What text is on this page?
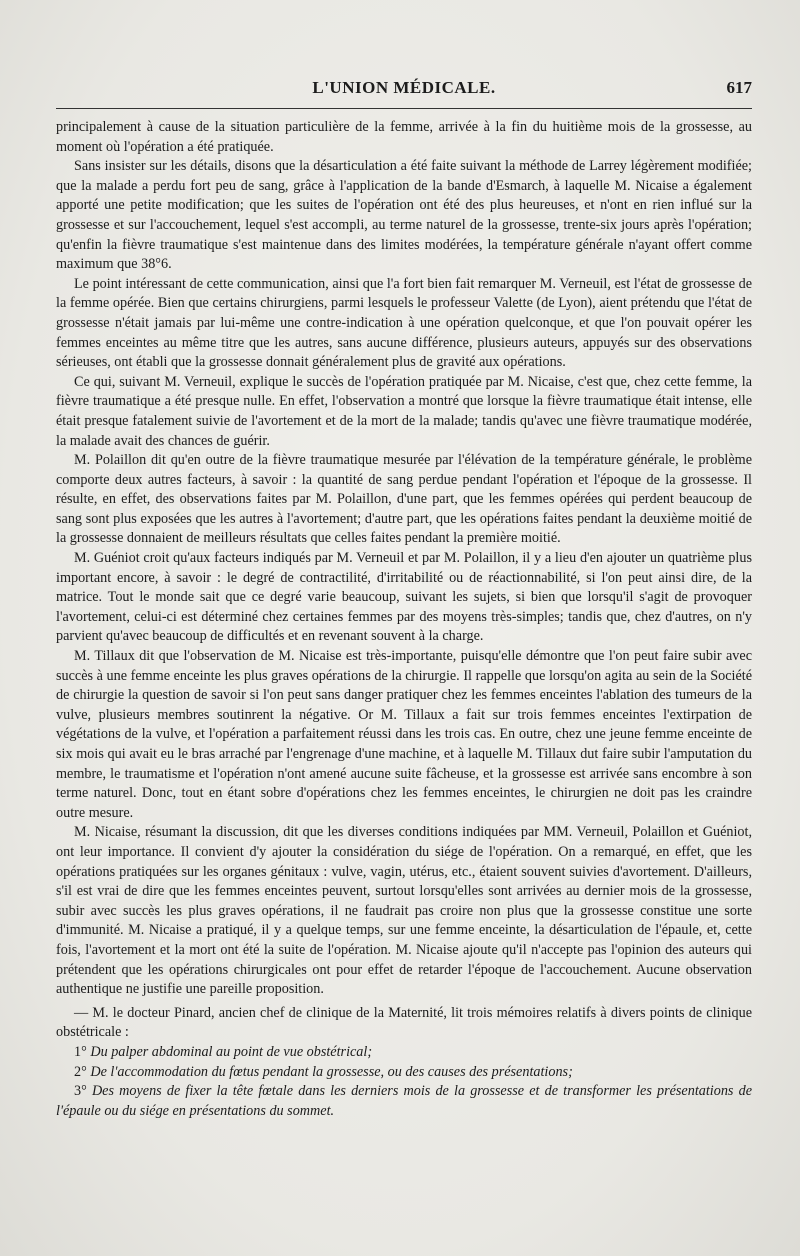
L'UNION MÉDICALE.	617

principalement à cause de la situation particulière de la femme, arrivée à la fin du huitième mois de la grossesse, au moment où l'opération a été pratiquée.

Sans insister sur les détails, disons que la désarticulation a été faite suivant la méthode de Larrey légèrement modifiée; que la malade a perdu fort peu de sang, grâce à l'application de la bande d'Esmarch, à laquelle M. Nicaise a également apporté une petite modification; que les suites de l'opération ont été des plus heureuses, et n'ont en rien influé sur la grossesse et sur l'accouchement, lequel s'est accompli, au terme naturel de la grossesse, trente-six jours après l'opération; qu'enfin la fièvre traumatique s'est maintenue dans des limites modérées, la température générale n'ayant offert comme maximum que 38°6.

Le point intéressant de cette communication, ainsi que l'a fort bien fait remarquer M. Verneuil, est l'état de grossesse de la femme opérée. Bien que certains chirurgiens, parmi lesquels le professeur Valette (de Lyon), aient prétendu que l'état de grossesse n'était jamais par lui-même une contre-indication à une opération quelconque, et que l'on pouvait opérer les femmes enceintes au même titre que les autres, sans aucune différence, plusieurs auteurs, appuyés sur des observations sérieuses, ont établi que la grossesse donnait généralement plus de gravité aux opérations.

Ce qui, suivant M. Verneuil, explique le succès de l'opération pratiquée par M. Nicaise, c'est que, chez cette femme, la fièvre traumatique a été presque nulle. En effet, l'observation a montré que lorsque la fièvre traumatique était intense, elle était presque fatalement suivie de l'avortement et de la mort de la malade; tandis qu'avec une fièvre traumatique modérée, la malade avait des chances de guérir.

M. Polaillon dit qu'en outre de la fièvre traumatique mesurée par l'élévation de la température générale, le problème comporte deux autres facteurs, à savoir : la quantité de sang perdue pendant l'opération et l'époque de la grossesse. Il résulte, en effet, des observations faites par M. Polaillon, d'une part, que les femmes opérées qui perdent beaucoup de sang sont plus exposées que les autres à l'avortement; d'autre part, que les opérations faites pendant la deuxième moitié de la grossesse donnaient de meilleurs résultats que celles faites pendant la première moitié.

M. Guéniot croit qu'aux facteurs indiqués par M. Verneuil et par M. Polaillon, il y a lieu d'en ajouter un quatrième plus important encore, à savoir : le degré de contractilité, d'irritabilité ou de réactionnabilité, si l'on peut ainsi dire, de la matrice. Tout le monde sait que ce degré varie beaucoup, suivant les sujets, si bien que lorsqu'il s'agit de provoquer l'avortement, celui-ci est déterminé chez certaines femmes par des moyens très-simples; tandis que, chez d'autres, on n'y parvient qu'avec beaucoup de difficultés et en revenant souvent à la charge.

M. Tillaux dit que l'observation de M. Nicaise est très-importante, puisqu'elle démontre que l'on peut faire subir avec succès à une femme enceinte les plus graves opérations de la chirurgie. Il rappelle que lorsqu'on agita au sein de la Société de chirurgie la question de savoir si l'on peut sans danger pratiquer chez les femmes enceintes l'ablation des tumeurs de la vulve, plusieurs membres soutinrent la négative. Or M. Tillaux a fait sur trois femmes enceintes l'extirpation de végétations de la vulve, et l'opération a parfaitement réussi dans les trois cas. En outre, chez une jeune femme enceinte de six mois qui avait eu le bras arraché par l'engrenage d'une machine, et à laquelle M. Tillaux dut faire subir l'amputation du membre, le traumatisme et l'opération n'ont amené aucune suite fâcheuse, et la grossesse est arrivée sans encombre à son terme naturel. Donc, tout en étant sobre d'opérations chez les femmes enceintes, le chirurgien ne doit pas les craindre outre mesure.

M. Nicaise, résumant la discussion, dit que les diverses conditions indiquées par MM. Verneuil, Polaillon et Guéniot, ont leur importance. Il convient d'y ajouter la considération du siége de l'opération. On a remarqué, en effet, que les opérations pratiquées sur les organes génitaux : vulve, vagin, utérus, etc., étaient souvent suivies d'avortement. D'ailleurs, s'il est vrai de dire que les femmes enceintes peuvent, surtout lorsqu'elles sont arrivées au dernier mois de la grossesse, subir avec succès les plus graves opérations, il ne faudrait pas croire non plus que la grossesse constitue une sorte d'immunité. M. Nicaise a pratiqué, il y a quelque temps, sur une femme enceinte, la désarticulation de l'épaule, et, cette fois, l'avortement et la mort ont été la suite de l'opération. M. Nicaise ajoute qu'il n'accepte pas l'opinion des auteurs qui prétendent que les opérations chirurgicales ont pour effet de retarder l'époque de l'accouchement. Aucune observation authentique ne justifie une pareille proposition.

— M. le docteur Pinard, ancien chef de clinique de la Maternité, lit trois mémoires relatifs à divers points de clinique obstétricale :

1° Du palper abdominal au point de vue obstétrical;
2° De l'accommodation du fœtus pendant la grossesse, ou des causes des présentations;
3° Des moyens de fixer la tête fœtale dans les derniers mois de la grossesse et de transformer les présentations de l'épaule ou du siége en présentations du sommet.
